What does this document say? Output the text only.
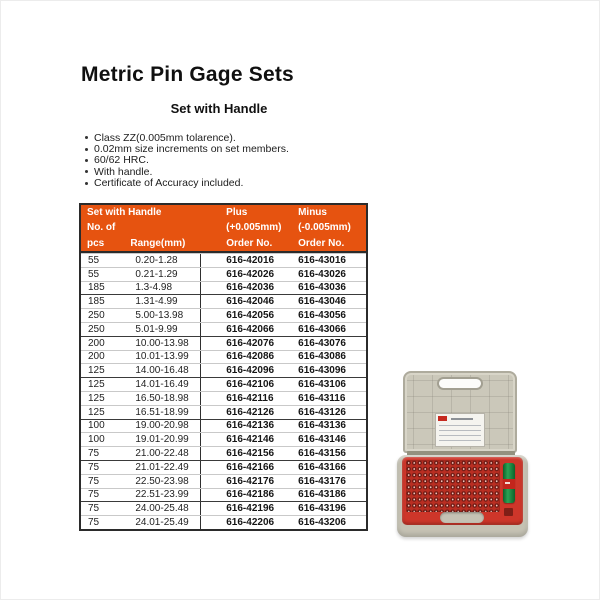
Metric Pin Gage Sets
Set with Handle
Class ZZ(0.005mm tolarence).
0.02mm size increments on set members.
60/62 HRC.
With handle.
Certificate of Accuracy included.
Set with Handle	Plus	Minus
No. of	(+0.005mm)	(-0.005mm)
pcs	Range(mm)	Order No.	Order No.
55	0.20-1.28	616-42016	616-43016
55	0.21-1.29	616-42026	616-43026
185	1.3-4.98	616-42036	616-43036
185	1.31-4.99	616-42046	616-43046
250	5.00-13.98	616-42056	616-43056
250	5.01-9.99	616-42066	616-43066
200	10.00-13.98	616-42076	616-43076
200	10.01-13.99	616-42086	616-43086
125	14.00-16.48	616-42096	616-43096
125	14.01-16.49	616-42106	616-43106
125	16.50-18.98	616-42116	616-43116
125	16.51-18.99	616-42126	616-43126
100	19.00-20.98	616-42136	616-43136
100	19.01-20.99	616-42146	616-43146
75	21.00-22.48	616-42156	616-43156
75	21.01-22.49	616-42166	616-43166
75	22.50-23.98	616-42176	616-43176
75	22.51-23.99	616-42186	616-43186
75	24.00-25.48	616-42196	616-43196
75	24.01-25.49	616-42206	616-43206
